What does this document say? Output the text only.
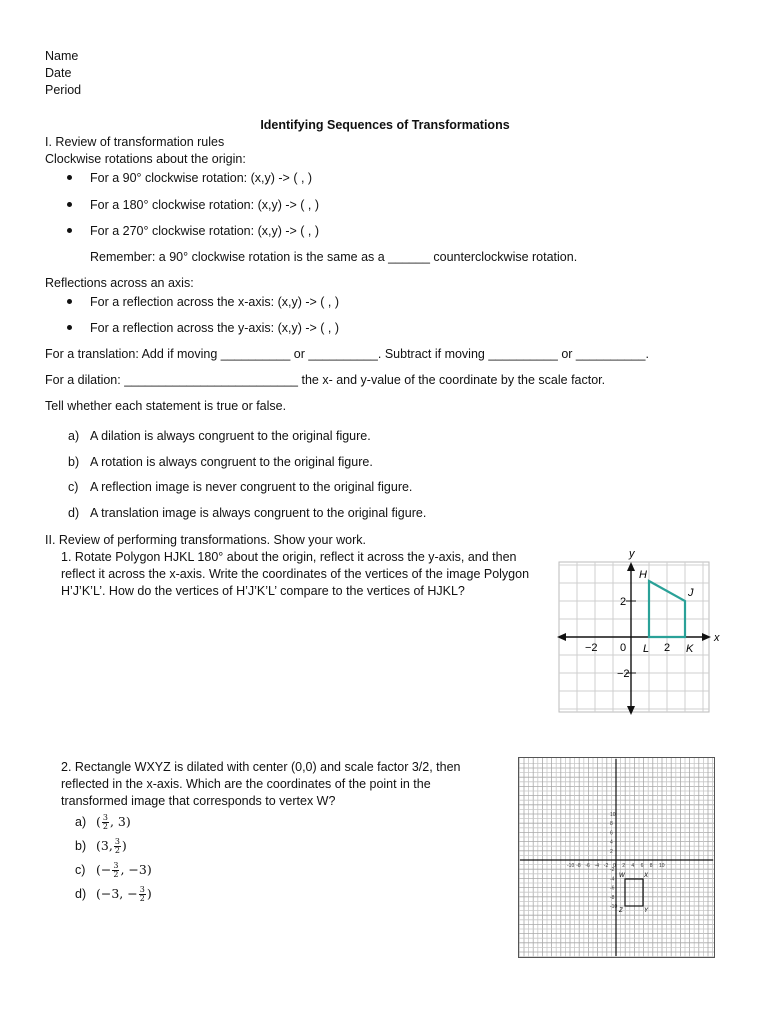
Name
Date
Period
Identifying Sequences of Transformations
I. Review of transformation rules
Clockwise rotations about the origin:
For a 90° clockwise rotation: (x,y) -> ( , )
For a 180° clockwise rotation: (x,y) -> ( , )
For a 270° clockwise rotation: (x,y) -> ( , )
Remember: a 90° clockwise rotation is the same as a ______ counterclockwise rotation.
Reflections across an axis:
For a reflection across the x-axis: (x,y) -> ( , )
For a reflection across the y-axis: (x,y) -> ( , )
For a translation: Add if moving __________ or __________. Subtract if moving __________ or __________.
For a dilation: _________________________ the x- and y-value of the coordinate by the scale factor.
Tell whether each statement is true or false.
a) A dilation is always congruent to the original figure.
b) A rotation is always congruent to the original figure.
c) A reflection image is never congruent to the original figure.
d) A translation image is always congruent to the original figure.
II. Review of performing transformations. Show your work.
1. Rotate Polygon HJKL 180° about the origin, reflect it across the y-axis, and then
reflect it across the x-axis. Write the coordinates of the vertices of the image Polygon
H’J’K’L’. How do the vertices of H’J’K’L’ compare to the vertices of HJKL?
x
y
−2 0	2
2
−2
H
J
K
L
2. Rectangle WXYZ is dilated with center (0,0) and scale factor 3/2, then
reflected in the x-axis. Which are the coordinates of the point in the
transformed image that corresponds to vertex W?
a) ( $\frac{3}{2}$ , 3)
b) (3, $\frac{3}{2}$ )
c) (− $\frac{3}{2}$ , −3)
d) (−3, − $\frac{3}{2}$ )
-10 -8 -6 -4 -2 0 2 4 6 8 10
10
8
6
4
2
-2
-4
-6
-8
-10
W	X
Y
Z
